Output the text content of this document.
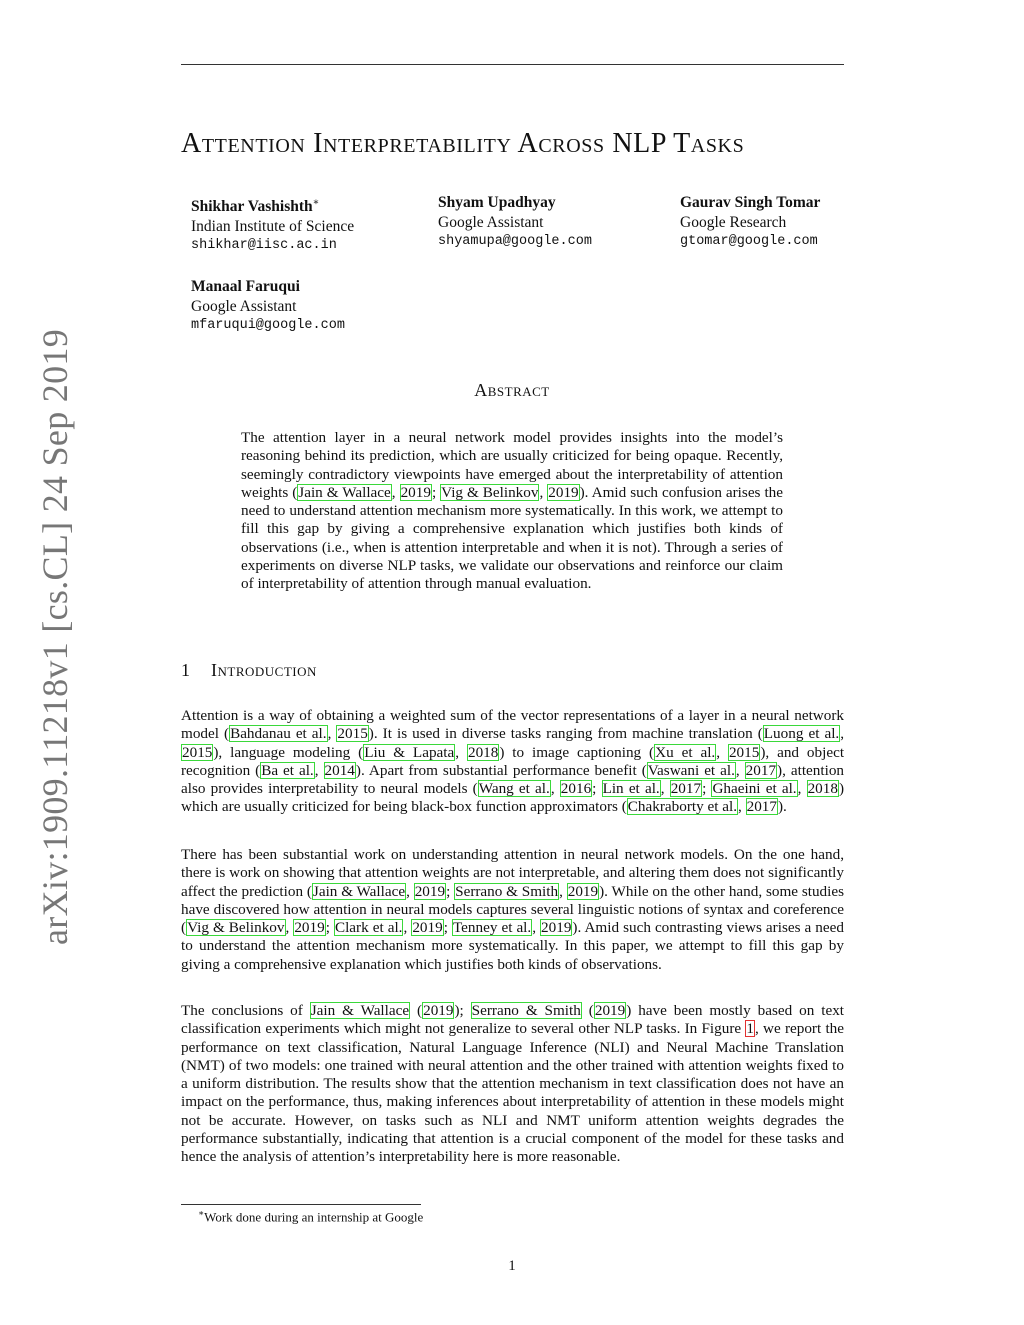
Attention Interpretability Across NLP Tasks
Shikhar Vashishth∗
Indian Institute of Science
shikhar@iisc.ac.in
Shyam Upadhyay
Google Assistant
shyamupa@google.com
Gaurav Singh Tomar
Google Research
gtomar@google.com
Manaal Faruqui
Google Assistant
mfaruqui@google.com
arXiv:1909.11218v1 [cs.CL] 24 Sep 2019	Abstract
The attention layer in a neural network model provides insights into the model’s reasoning behind its prediction, which are usually criticized for being opaque. Recently, seemingly contradictory viewpoints have emerged about the interpretability of attention weights (Jain & Wallace, 2019; Vig & Belinkov, 2019). Amid such confusion arises the need to understand attention mechanism more systematically. In this work, we attempt to fill this gap by giving a comprehensive explanation which justifies both kinds of observations (i.e., when is attention interpretable and when it is not). Through a series of experiments on diverse NLP tasks, we validate our observations and reinforce our claim of interpretability of attention through manual evaluation.
1 Introduction
Attention is a way of obtaining a weighted sum of the vector representations of a layer in a neural network model (Bahdanau et al., 2015). It is used in diverse tasks ranging from machine translation (Luong et al., 2015), language modeling (Liu & Lapata, 2018) to image captioning (Xu et al., 2015), and object recognition (Ba et al., 2014). Apart from substantial performance benefit (Vaswani et al., 2017), attention also provides interpretability to neural models (Wang et al., 2016; Lin et al., 2017; Ghaeini et al., 2018) which are usually criticized for being black-box function approximators (Chakraborty et al., 2017).
There has been substantial work on understanding attention in neural network models. On the one hand, there is work on showing that attention weights are not interpretable, and altering them does not significantly affect the prediction (Jain & Wallace, 2019; Serrano & Smith, 2019). While on the other hand, some studies have discovered how attention in neural models captures several linguistic notions of syntax and coreference (Vig & Belinkov, 2019; Clark et al., 2019; Tenney et al., 2019). Amid such contrasting views arises a need to understand the attention mechanism more systematically. In this paper, we attempt to fill this gap by giving a comprehensive explanation which justifies both kinds of observations.
The conclusions of Jain & Wallace (2019); Serrano & Smith (2019) have been mostly based on text classification experiments which might not generalize to several other NLP tasks. In Figure 1, we report the performance on text classification, Natural Language Inference (NLI) and Neural Machine Translation (NMT) of two models: one trained with neural attention and the other trained with attention weights fixed to a uniform distribution. The results show that the attention mechanism in text classification does not have an impact on the performance, thus, making inferences about interpretability of attention in these models might not be accurate. However, on tasks such as NLI and NMT uniform attention weights degrades the performance substantially, indicating that attention is a crucial component of the model for these tasks and hence the analysis of attention’s interpretability here is more reasonable.
∗Work done during an internship at Google
1
